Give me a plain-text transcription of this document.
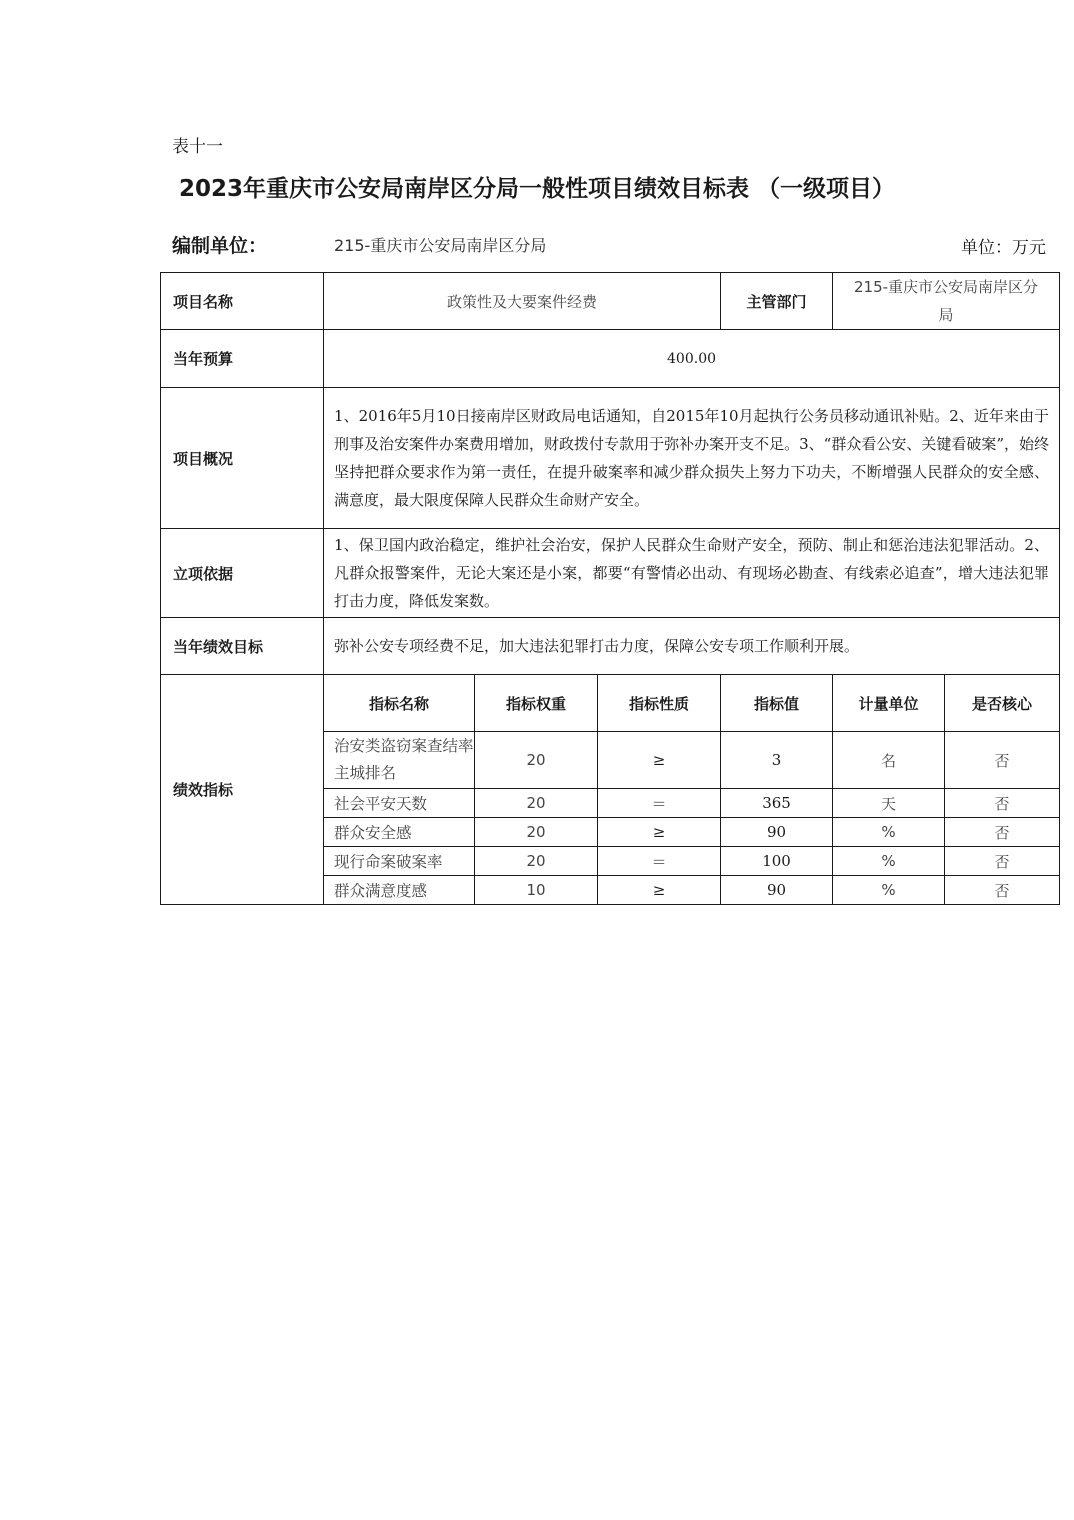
表十一
2023年重庆市公安局南岸区分局一般性项目绩效目标表 （一级项目）
编制单位：	215-重庆市公安局南岸区分局	单位：万元
项目名称	政策性及大要案件经费			主管部门	215-重庆市公安局南岸区分局	
当年预算	400.00					
项目概况	1、2016年5月10日接南岸区财政局电话通知，自2015年10月起执行公务员移动通讯补贴。2、近年来由于刑事及治安案件办案费用增加，财政拨付专款用于弥补办案开支不足。3、“群众看公安、关键看破案”，始终坚持把群众要求作为第一责任，在提升破案率和减少群众损失上努力下功夫，不断增强人民群众的安全感、满意度，最大限度保障人民群众生命财产安全。					
立项依据	1、保卫国内政治稳定，维护社会治安，保护人民群众生命财产安全，预防、制止和惩治违法犯罪活动。2、凡群众报警案件，无论大案还是小案，都要“有警情必出动、有现场必勘查、有线索必追查”，增大违法犯罪打击力度，降低发案数。					
当年绩效目标	弥补公安专项经费不足，加大违法犯罪打击力度，保障公安专项工作顺利开展。					
绩效指标	指标名称	指标权重	指标性质	指标值	计量单位	是否核心
	治安类盗窃案查结率主城排名	20	≥	3	名	否
	社会平安天数	20	＝	365	天	否
	群众安全感	20	≥	90	%	否
	现行命案破案率	20	＝	100	%	否
	群众满意度感	10	≥	90	%	否
